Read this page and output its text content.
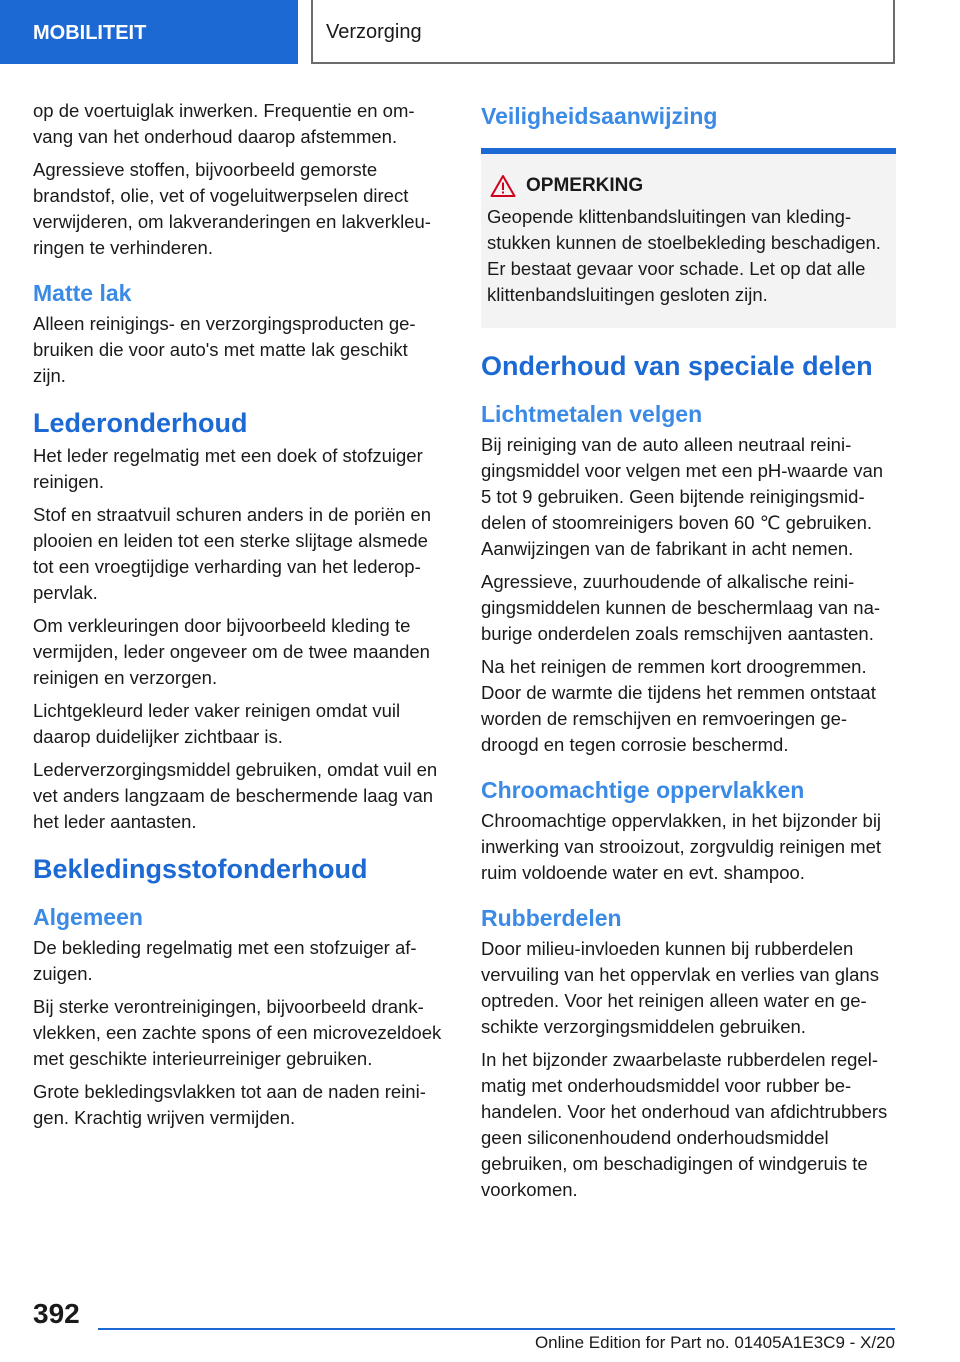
MOBILITEIT	Verzorging

op de voertuiglak inwerken. Frequentie en omvang van het onderhoud daarop afstemmen.

Agressieve stoffen, bijvoorbeeld gemorste brandstof, olie, vet of vogeluitwerpselen direct verwijderen, om lakveranderingen en lakverkleuringen te verhinderen.

Matte lak

Alleen reinigings- en verzorgingsproducten gebruiken die voor auto's met matte lak geschikt zijn.

Lederonderhoud

Het leder regelmatig met een doek of stofzuiger reinigen.

Stof en straatvuil schuren anders in de poriën en plooien en leiden tot een sterke slijtage alsmede tot een vroegtijdige verharding van het lederoppervlak.

Om verkleuringen door bijvoorbeeld kleding te vermijden, leder ongeveer om de twee maanden reinigen en verzorgen.

Lichtgekleurd leder vaker reinigen omdat vuil daarop duidelijker zichtbaar is.

Lederverzorgingsmiddel gebruiken, omdat vuil en vet anders langzaam de beschermende laag van het leder aantasten.

Bekledingsstofonderhoud
Algemeen

De bekleding regelmatig met een stofzuiger afzuigen.

Bij sterke verontreinigingen, bijvoorbeeld drankvlekken, een zachte spons of een microvezeldoek met geschikte interieurreiniger gebruiken.

Grote bekledingsvlakken tot aan de naden reinigen. Krachtig wrijven vermijden.

Veiligheidsaanwijzing
OPMERKING

Geopende klittenbandsluitingen van kledingstukken kunnen de stoelbekleding beschadigen. Er bestaat gevaar voor schade. Let op dat alle klittenbandsluitingen gesloten zijn.

Onderhoud van speciale delen
Lichtmetalen velgen

Bij reiniging van de auto alleen neutraal reinigingsmiddel voor velgen met een pH-waarde van 5 tot 9 gebruiken. Geen bijtende reinigingsmiddelen of stoomreinigers boven 60 ℃ gebruiken. Aanwijzingen van de fabrikant in acht nemen.

Agressieve, zuurhoudende of alkalische reinigingsmiddelen kunnen de beschermlaag van naburige onderdelen zoals remschijven aantasten.

Na het reinigen de remmen kort droogremmen. Door de warmte die tijdens het remmen ontstaat worden de remschijven en remvoeringen gedroogd en tegen corrosie beschermd.

Chroomachtige oppervlakken

Chroomachtige oppervlakken, in het bijzonder bij inwerking van strooizout, zorgvuldig reinigen met ruim voldoende water en evt. shampoo.

Rubberdelen

Door milieu-invloeden kunnen bij rubberdelen vervuiling van het oppervlak en verlies van glans optreden. Voor het reinigen alleen water en geschikte verzorgingsmiddelen gebruiken.

In het bijzonder zwaarbelaste rubberdelen regelmatig met onderhoudsmiddel voor rubber behandelen. Voor het onderhoud van afdichtrubbers geen siliconenhoudend onderhoudsmiddel gebruiken, om beschadigingen of windgeruis te voorkomen.

392
Online Edition for Part no. 01405A1E3C9 - X/20
